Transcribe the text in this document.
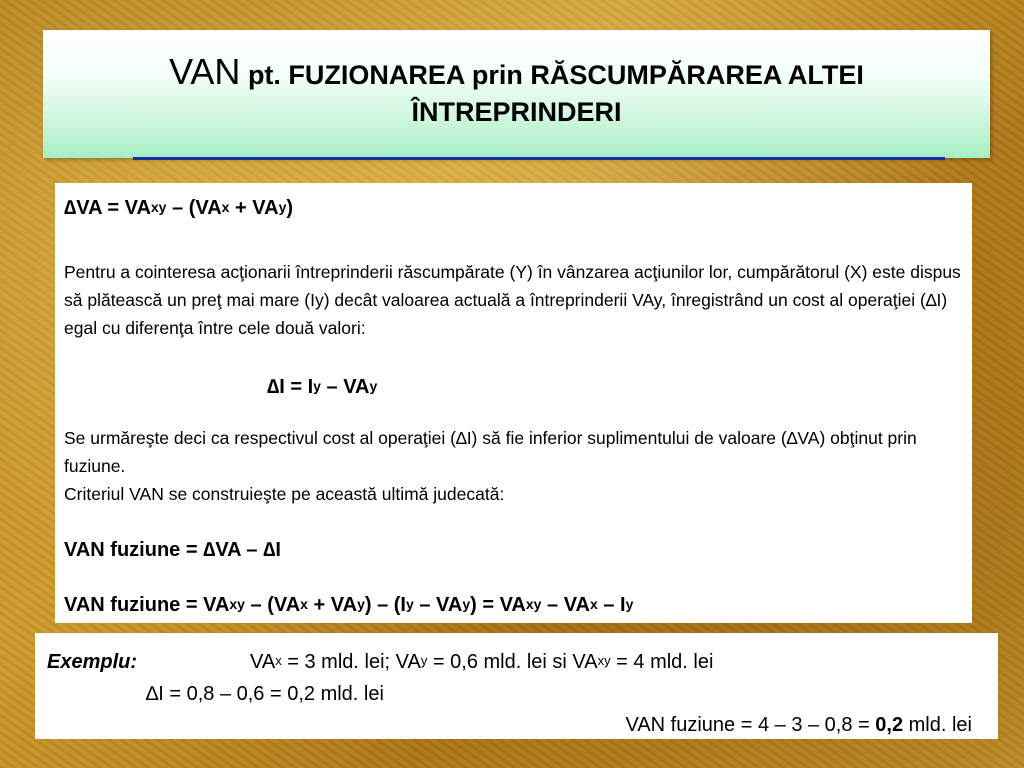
VAN pt. FUZIONAREA prin RĂSCUMPĂRAREA ALTEI
ÎNTREPRINDERI
$\Delta VA = VA_{xy} - (VA_x + VA_y)$
Pentru a cointeresa acţionarii întreprinderii răscumpărate (Y) în vânzarea acţiunilor lor, cumpărătorul (X) este dispus să plătească un preţ mai mare (Iy) decât valoarea actuală a întreprinderii VAy, înregistrând un cost al operaţiei (∆I) egal cu diferenţa între cele două valori:
$\Delta I = I_y - VA_y$
Se urmăreşte deci ca respectivul cost al operaţiei (∆I) să fie inferior suplimentului de valoare (∆VA) obţinut prin fuziune.
Criteriul VAN se construieşte pe această ultimă judecată:
VAN fuziune = ∆VA – ∆I
VAN fuziune = $VA_{xy} - (VA_x + VA_y) - (I_y - VA_y) = VA_{xy} - VA_x - I_y$
Exemplu:	$VA_x = 3$ mld. lei; $VA_y = 0,6$ mld. lei si $VA_{xy} = 4$ mld. lei
∆I = 0,8 – 0,6 = 0,2 mld. lei
VAN fuziune = 4 – 3 – 0,8 = 0,2 mld. lei
